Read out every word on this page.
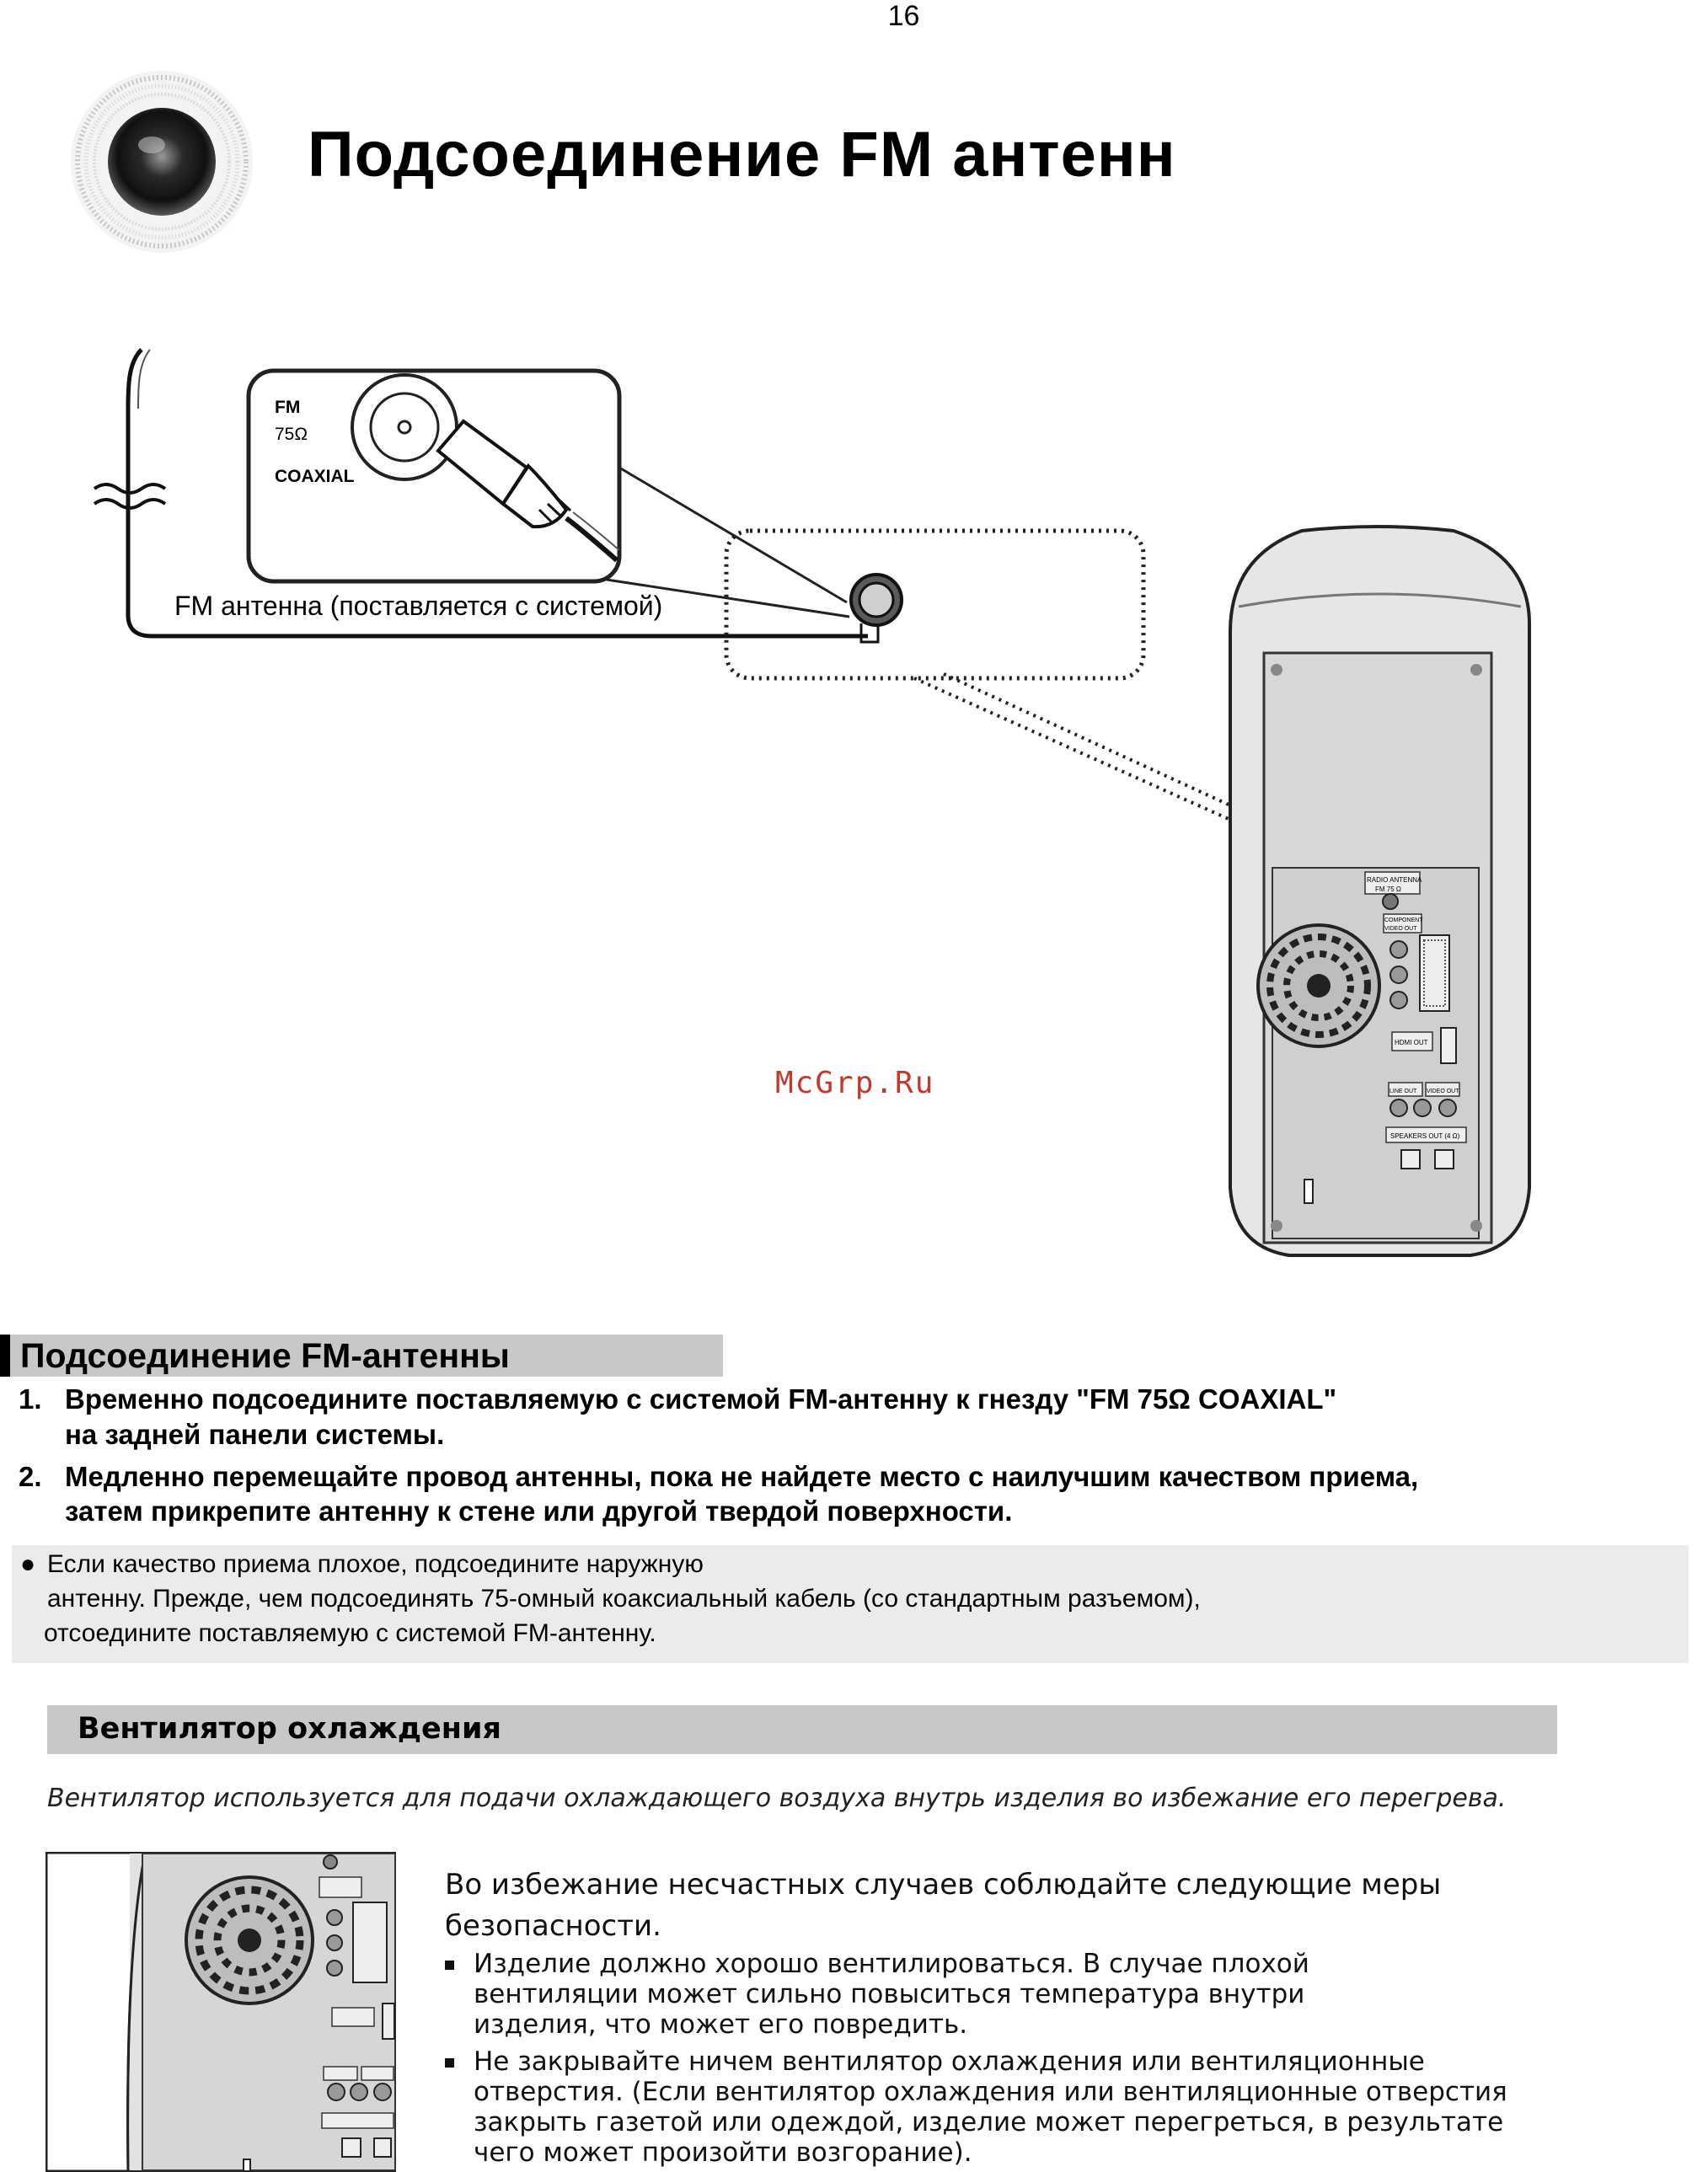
16
Подсоединение FM антенн
FM
75Ω
COAXIAL
FM антенна (поставляется с системой)
RADIO ANTENNA
FM 75 Ω
COMPONENT
VIDEO OUT
HDMI OUT
LINE OUT VIDEO OUT
SPEAKERS OUT (4 Ω)
McGrp.Ru
Подсоединение FM-антенны
1. Временно подсоедините поставляемую с системой FM-антенну к гнезду "FM 75Ω COAXIAL"
на задней панели системы.
2. Медленно перемещайте провод антенны, пока не найдете место с наилучшим качеством приема,
затем прикрепите антенну к стене или другой твердой поверхности.
● Если качество приема плохое, подсоедините наружную
антенну. Прежде, чем подсоединять 75-омный коаксиальный кабель (со стандартным разъемом),
отсоедините поставляемую с системой FM-антенну.
Вентилятор охлаждения
Вентилятор используется для подачи охлаждающего воздуха внутрь изделия во избежание его перегрева.
Во избежание несчастных случаев соблюдайте следующие меры
безопасности.
Изделие должно хорошо вентилироваться. В случае плохой
вентиляции может сильно повыситься температура внутри
изделия, что может его повредить.
Не закрывайте ничем вентилятор охлаждения или вентиляционные
отверстия. (Если вентилятор охлаждения или вентиляционные отверстия
закрыть газетой или одеждой, изделие может перегреться, в результате
чего может произойти возгорание).
